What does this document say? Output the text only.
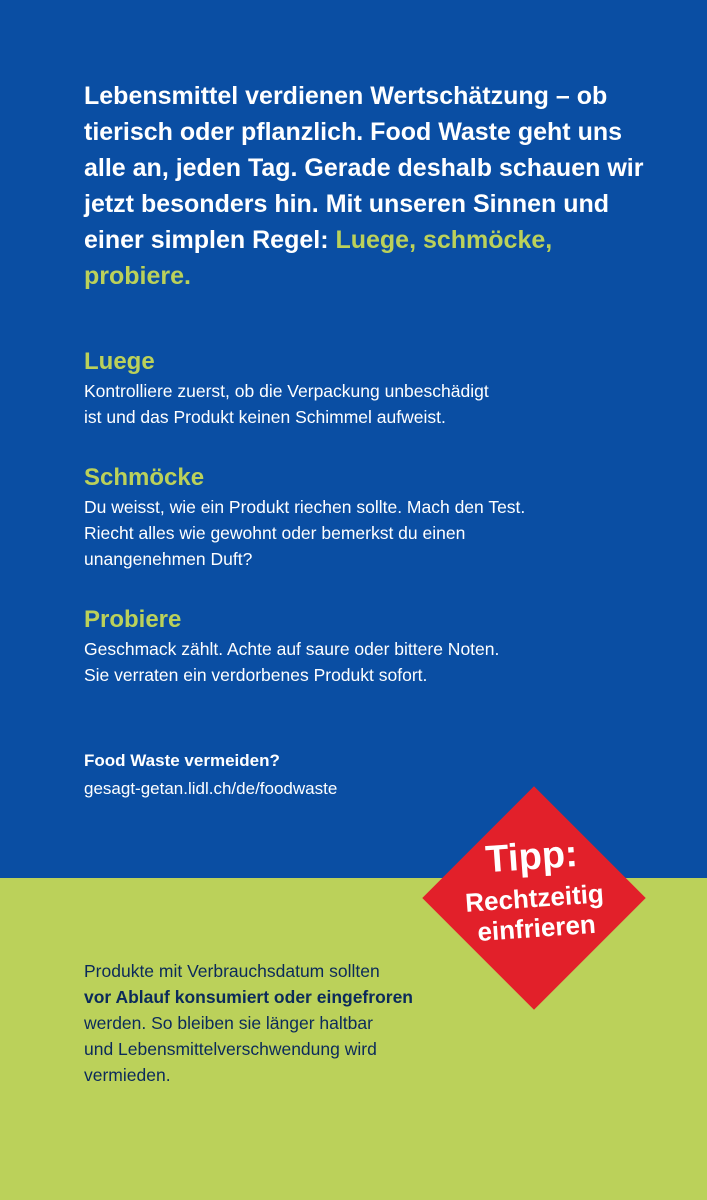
Lebensmittel verdienen Wertschätzung – ob tierisch oder pflanzlich. Food Waste geht uns alle an, jeden Tag. Gerade deshalb schauen wir jetzt besonders hin. Mit unseren Sinnen und einer simplen Regel: Luege, schmöcke, probiere.

Luege

Kontrolliere zuerst, ob die Verpackung unbeschädigt
ist und das Produkt keinen Schimmel aufweist.

Schmöcke

Du weisst, wie ein Produkt riechen sollte. Mach den Test.
Riecht alles wie gewohnt oder bemerkst du einen
unangenehmen Duft?

Probiere

Geschmack zählt. Achte auf saure oder bittere Noten.
Sie verraten ein verdorbenes Produkt sofort.

Food Waste vermeiden?

gesagt-getan.lidl.ch/de/foodwaste

Tipp:
Rechtzeitig
einfrieren

Produkte mit Verbrauchsdatum sollten
vor Ablauf konsumiert oder eingefroren
werden. So bleiben sie länger haltbar
und Lebensmittelverschwendung wird
vermieden.
